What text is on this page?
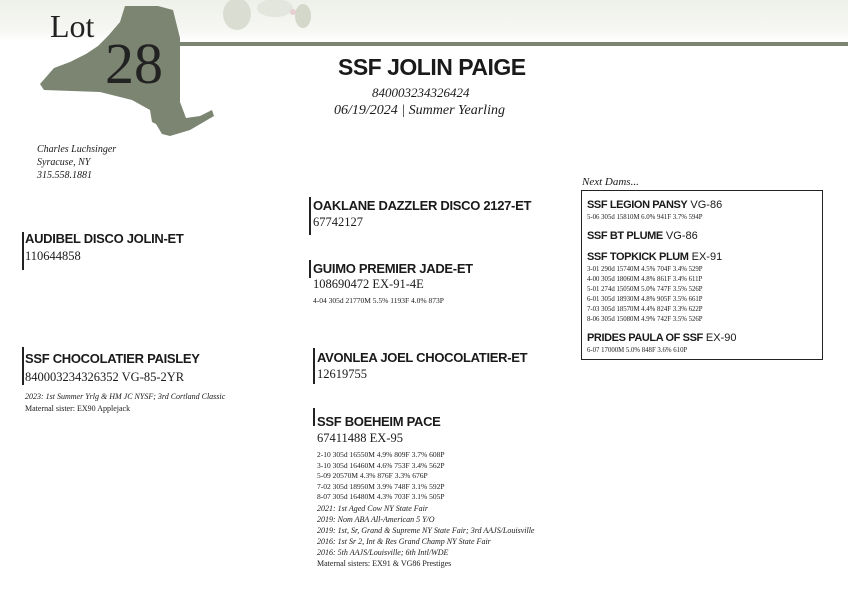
Lot
28	SSF JOLIN PAIGE
840003234326424
06/19/2024 | Summer Yearling
Charles Luchsinger
Syracuse, NY
315.558.1881
AUDIBEL DISCO JOLIN-ET
110644858
OAKLANE DAZZLER DISCO 2127-ET
67742127
GUIMO PREMIER JADE-ET
108690472 EX-91-4E
4-04 305d 21770M 5.5% 1193F 4.0% 873P
SSF CHOCOLATIER PAISLEY
840003234326352 VG-85-2YR
2023: 1st Summer Yrlg & HM JC NYSF; 3rd Cortland Classic
Maternal sister: EX90 Applejack
AVONLEA JOEL CHOCOLATIER-ET
12619755
SSF BOEHEIM PACE
67411488 EX-95
2-10 305d 16550M 4.9% 809F 3.7% 608P
3-10 305d 16460M 4.6% 753F 3.4% 562P
5-09 20570M 4.3% 876F 3.3% 676P
7-02 305d 18950M 3.9% 748F 3.1% 592P
8-07 305d 16480M 4.3% 703F 3.1% 505P
2021: 1st Aged Cow NY State Fair
2019: Nom ABA All-American 5 Y/O
2019: 1st, Sr, Grand & Supreme NY State Fair; 3rd AAJS/Louisville
2016: 1st Sr 2, Int & Res Grand Champ NY State Fair
2016: 5th AAJS/Louisville; 6th Intl/WDE
Maternal sisters: EX91 & VG86 Prestiges
Next Dams...
SSF LEGION PANSY VG-86
5-06 305d 15810M 6.0% 941F 3.7% 594P
SSF BT PLUME VG-86
SSF TOPKICK PLUM EX-91
3-01 290d 15740M 4.5% 704F 3.4% 529P
4-00 305d 18060M 4.8% 861F 3.4% 611P
5-01 274d 15050M 5.0% 747F 3.5% 526P
6-01 305d 18930M 4.8% 905F 3.5% 661P
7-03 305d 18570M 4.4% 824F 3.3% 622P
8-06 305d 15080M 4.9% 742F 3.5% 526P
PRIDES PAULA OF SSF EX-90
6-07 17000M 5.0% 848F 3.6% 610P
